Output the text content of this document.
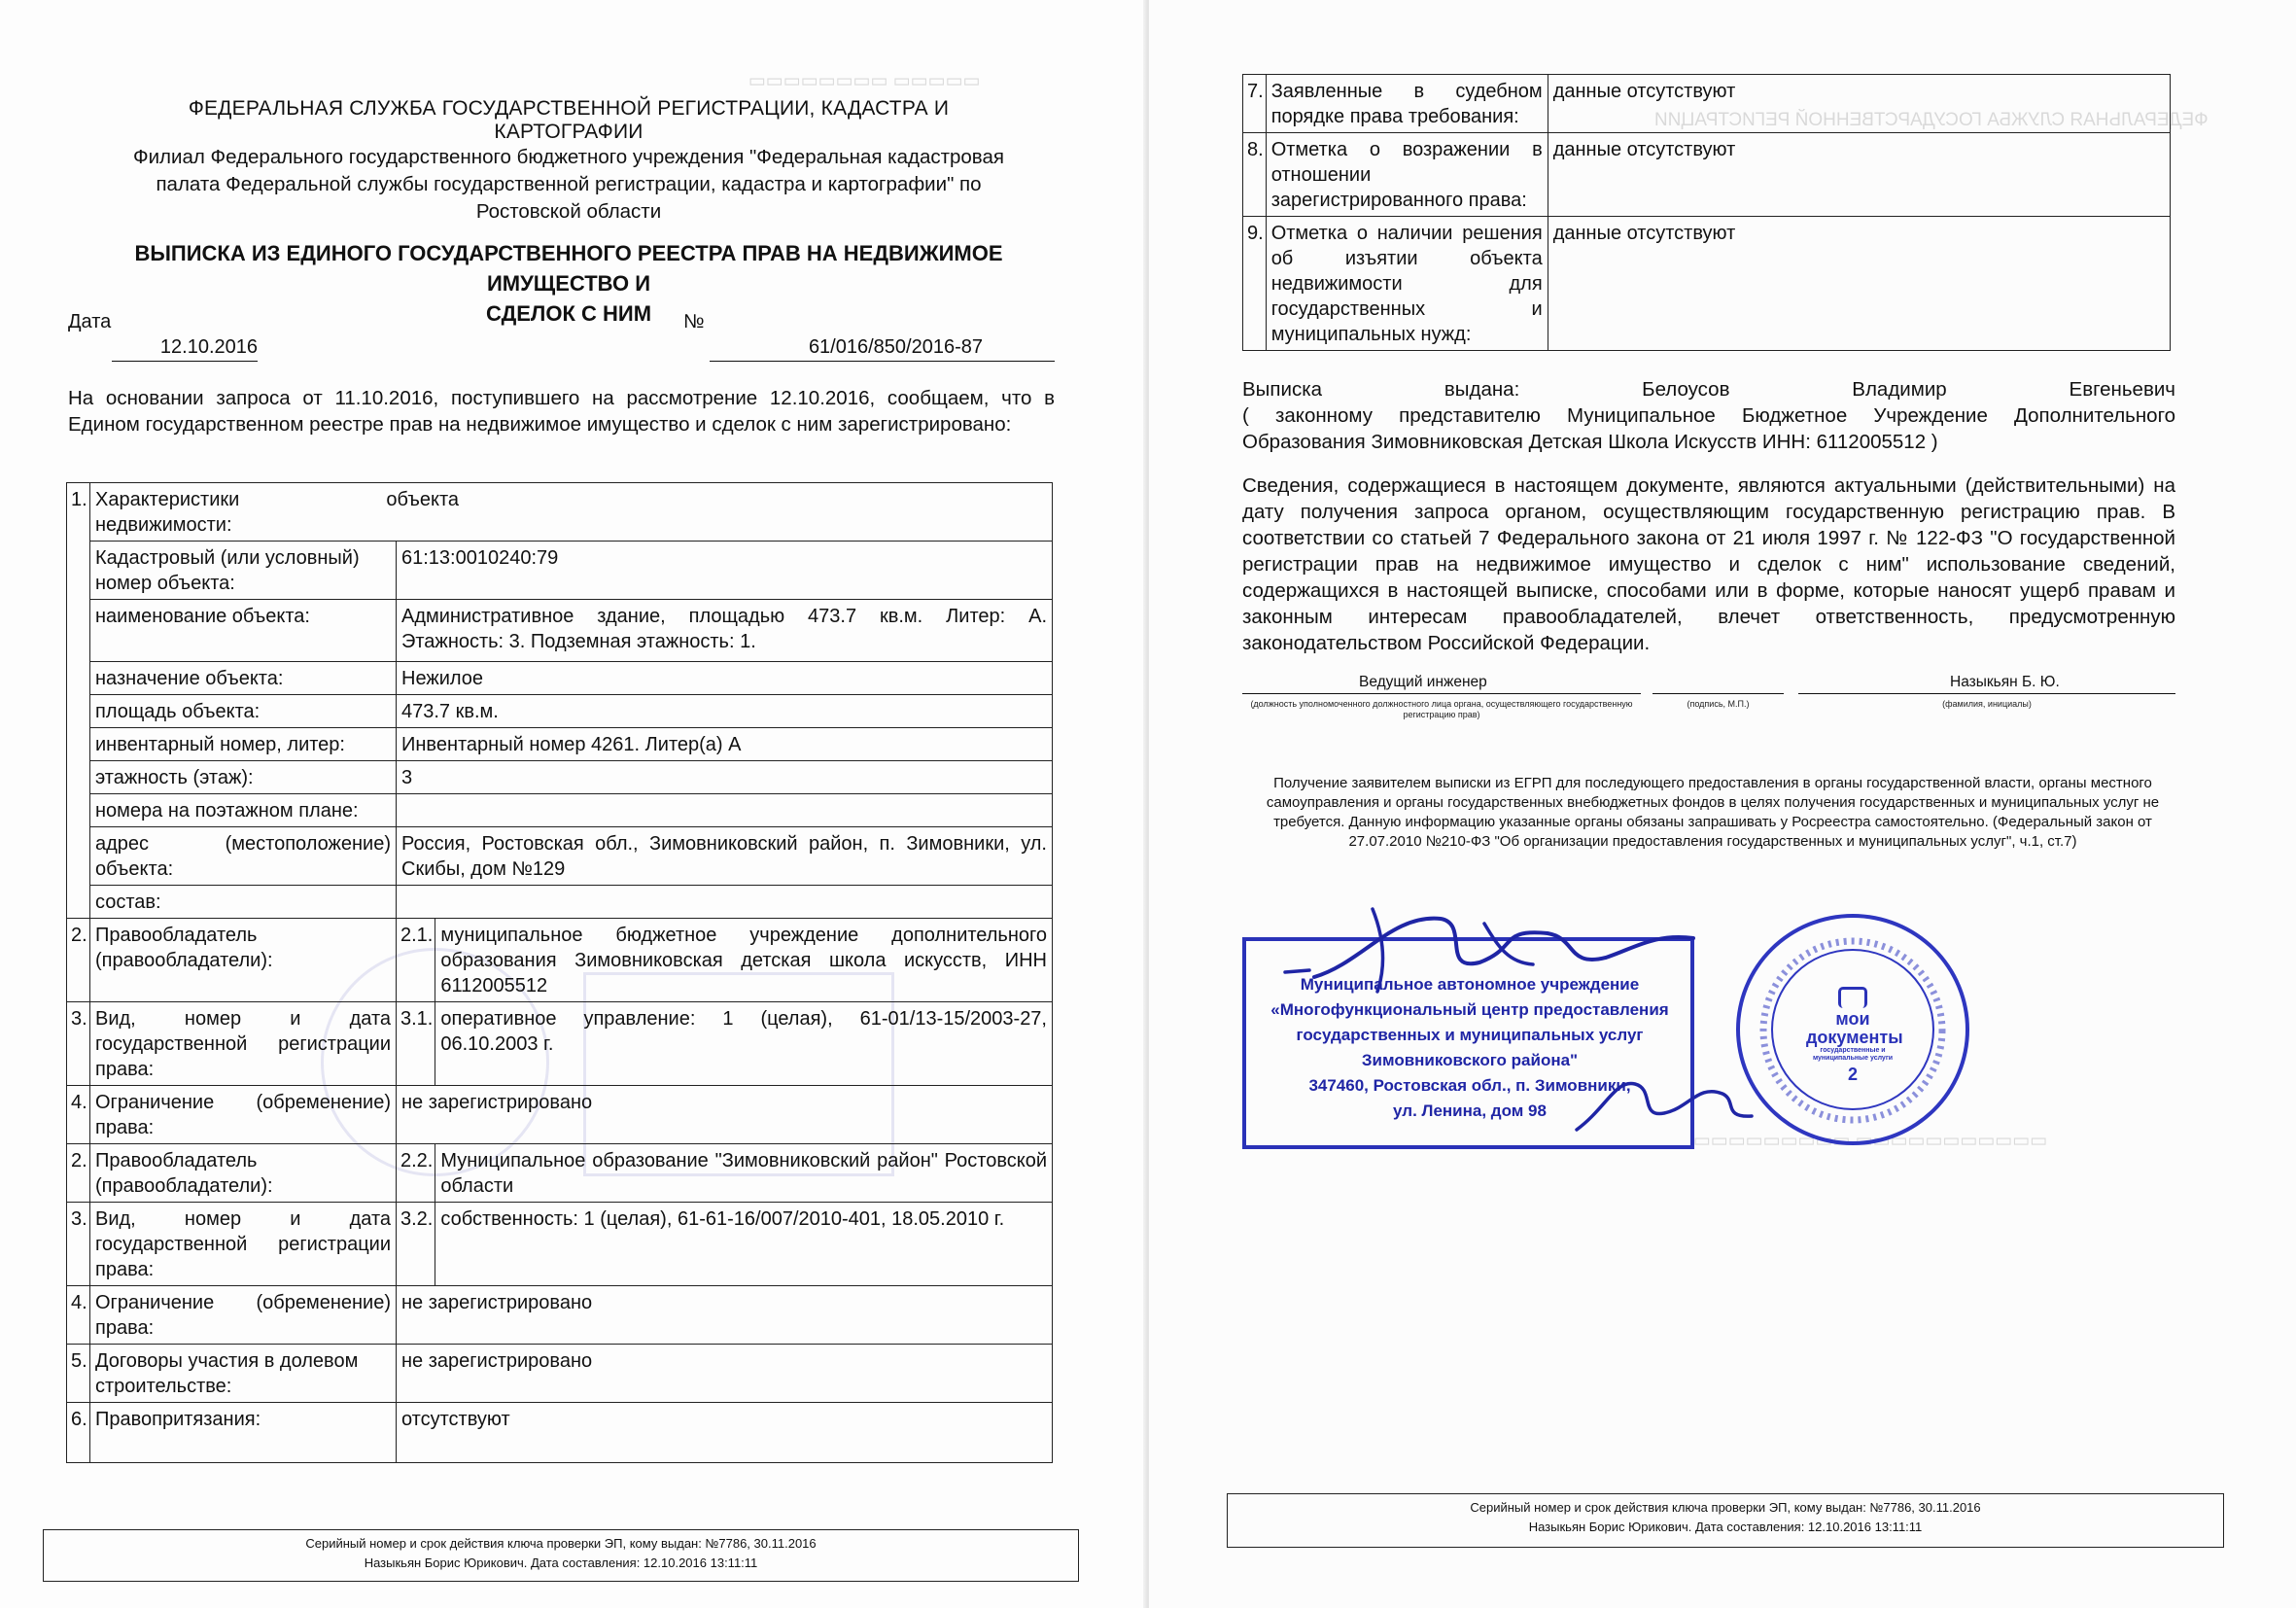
▭▭▭▭▭ ▭▭▭▭▭▭▭▭
ФЕДЕРАЛЬНАЯ СЛУЖБА ГОСУДАРСТВЕННОЙ РЕГИСТРАЦИИ, КАДАСТРА И КАРТОГРАФИИ
Филиал Федерального государственного бюджетного учреждения "Федеральная кадастровая
палата Федеральной службы государственной регистрации, кадастра и картографии" по
Ростовской области
ВЫПИСКА ИЗ ЕДИНОГО ГОСУДАРСТВЕННОГО РЕЕСТРА ПРАВ НА НЕДВИЖИМОЕ ИМУЩЕСТВО И
СДЕЛОК С НИМ
Дата
12.10.2016
№
61/016/850/2016-87
На основании запроса от 11.10.2016, поступившего на рассмотрение 12.10.2016, сообщаем, что в Едином государственном реестре прав на недвижимое имущество и сделок с ним зарегистрировано:
1.	Характеристики объекта недвижимости:		
	Кадастровый (или условный) номер объекта:	61:13:0010240:79	
	наименование объекта:	Административное здание, площадью 473.7 кв.м. Литер: А. Этажность: 3. Подземная этажность: 1.	
	назначение объекта:	Нежилое	
	площадь объекта:	473.7 кв.м.	
	инвентарный номер, литер:	Инвентарный номер 4261. Литер(а) А	
	этажность (этаж):	3	
	номера на поэтажном плане:		
	адрес (местоположение) объекта:	Россия, Ростовская обл., Зимовниковский район, п. Зимовники, ул. Скибы, дом №129	
	состав:		
2.	Правообладатель (правообладатели):	2.1.	муниципальное бюджетное учреждение дополнительного образования Зимовниковская детская школа искусств, ИНН 6112005512
3.	Вид, номер и дата государственной регистрации права:	3.1.	оперативное управление: 1 (целая), 61-01/13-15/2003-27, 06.10.2003 г.
4.	Ограничение (обременение) права:	не зарегистрировано	
2.	Правообладатель (правообладатели):	2.2.	Муниципальное образование "Зимовниковский район" Ростовской области
3.	Вид, номер и дата государственной регистрации права:	3.2.	собственность: 1 (целая), 61-61-16/007/2010-401, 18.05.2010 г.
4.	Ограничение (обременение) права:	не зарегистрировано	
5.	Договоры участия в долевом строительстве:	не зарегистрировано	
6.	Правопритязания:	отсутствуют	
Серийный номер и срок действия ключа проверки ЭП, кому выдан: №7786, 30.11.2016
Назыкьян Борис Юрикович. Дата составления: 12.10.2016 13:11:11
ФЕДЕРАЛЬНАЯ СЛУЖБА ГОСУДАРСТВЕННОЙ РЕГИСТРАЦИИ
▭▭▭▭▭▭▭▭▭▭▭ ▭▭▭▭▭▭▭▭▭
7.	Заявленные в судебном порядке права требования:	данные отсутствуют
8.	Отметка о возражении в отношении зарегистрированного права:	данные отсутствуют
9.	Отметка о наличии решения об изъятии объекта недвижимости для государственных и муниципальных нужд:	данные отсутствуют
Выписка	выдана:	Белоусов	Владимир	Евгеньевич
( законному представителю Муниципальное Бюджетное Учреждение Дополнительного Образования Зимовниковская Детская Школа Искусств ИНН: 6112005512 )
Сведения, содержащиеся в настоящем документе, являются актуальными (действительными) на дату получения запроса органом, осуществляющим государственную регистрацию прав. В соответствии со статьей 7 Федерального закона от 21 июля 1997 г. № 122-ФЗ "О государственной регистрации прав на недвижимое имущество и сделок с ним" использование сведений, содержащихся в настоящей выписке, способами или в форме, которые наносят ущерб правам и законным интересам правообладателей, влечет ответственность, предусмотренную законодательством Российской Федерации.
Ведущий инженер	Назыкьян Б. Ю.
(должность уполномоченного должностного лица органа, осуществляющего государственную регистрацию прав)
(подпись, М.П.)	(фамилия, инициалы)
Получение заявителем выписки из ЕГРП для последующего предоставления в органы государственной власти, органы местного самоуправления и органы государственных внебюджетных фондов в целях получения государственных и муниципальных услуг не требуется. Данную информацию указанные органы обязаны запрашивать у Росреестра самостоятельно. (Федеральный закон от 27.07.2010 №210-ФЗ "Об организации предоставления государственных и муниципальных услуг", ч.1, ст.7)
Муниципальное автономное учреждение
«Многофункциональный центр предоставления
государственных и муниципальных услуг
Зимовниковского района"
347460, Ростовская обл., п. Зимовники,
ул. Ленина, дом 98
мои документы
государственные и муниципальные услуги
2
Серийный номер и срок действия ключа проверки ЭП, кому выдан: №7786, 30.11.2016
Назыкьян Борис Юрикович. Дата составления: 12.10.2016 13:11:11
